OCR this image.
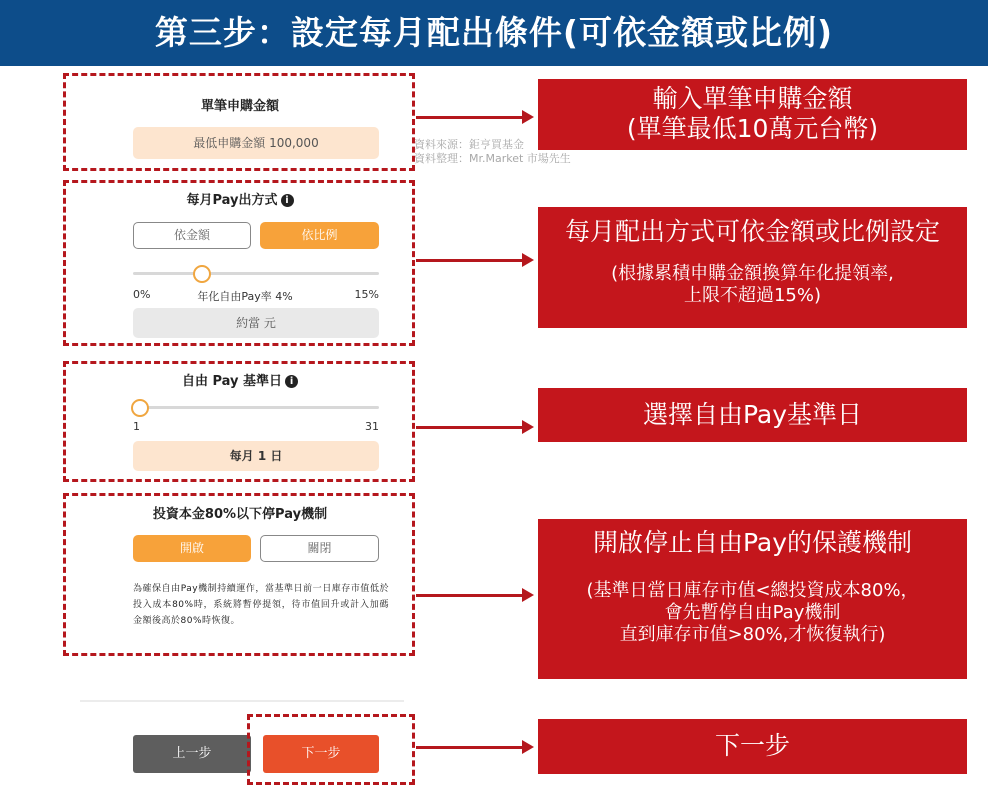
第三步：設定每月配出條件(可依金額或比例)
單筆申購金額
最低申購金額 100,000	資料來源：鉅亨買基金
資料整理：Mr.Market 市場先生
每月Pay出方式 i
依金額	依比例
0%	年化自由Pay率 4%	15%
約當 元
自由 Pay 基準日 i
1	31
每月 1 日
投資本金80%以下停Pay機制
開啟	關閉
為確保自由Pay機制持續運作，當基準日前一日庫存市值低於投入成本80%時，系統將暫停提領，待市值回升或計入加碼金額後高於80%時恢復。
上一步	下一步
輸入單筆申購金額
(單筆最低10萬元台幣)
每月配出方式可依金額或比例設定
(根據累積申購金額換算年化提領率,
上限不超過15%)
選擇自由Pay基準日
開啟停止自由Pay的保護機制
(基準日當日庫存市值<總投資成本80%，
會先暫停自由Pay機制
直到庫存市值>80%,才恢復執行)
下一步
